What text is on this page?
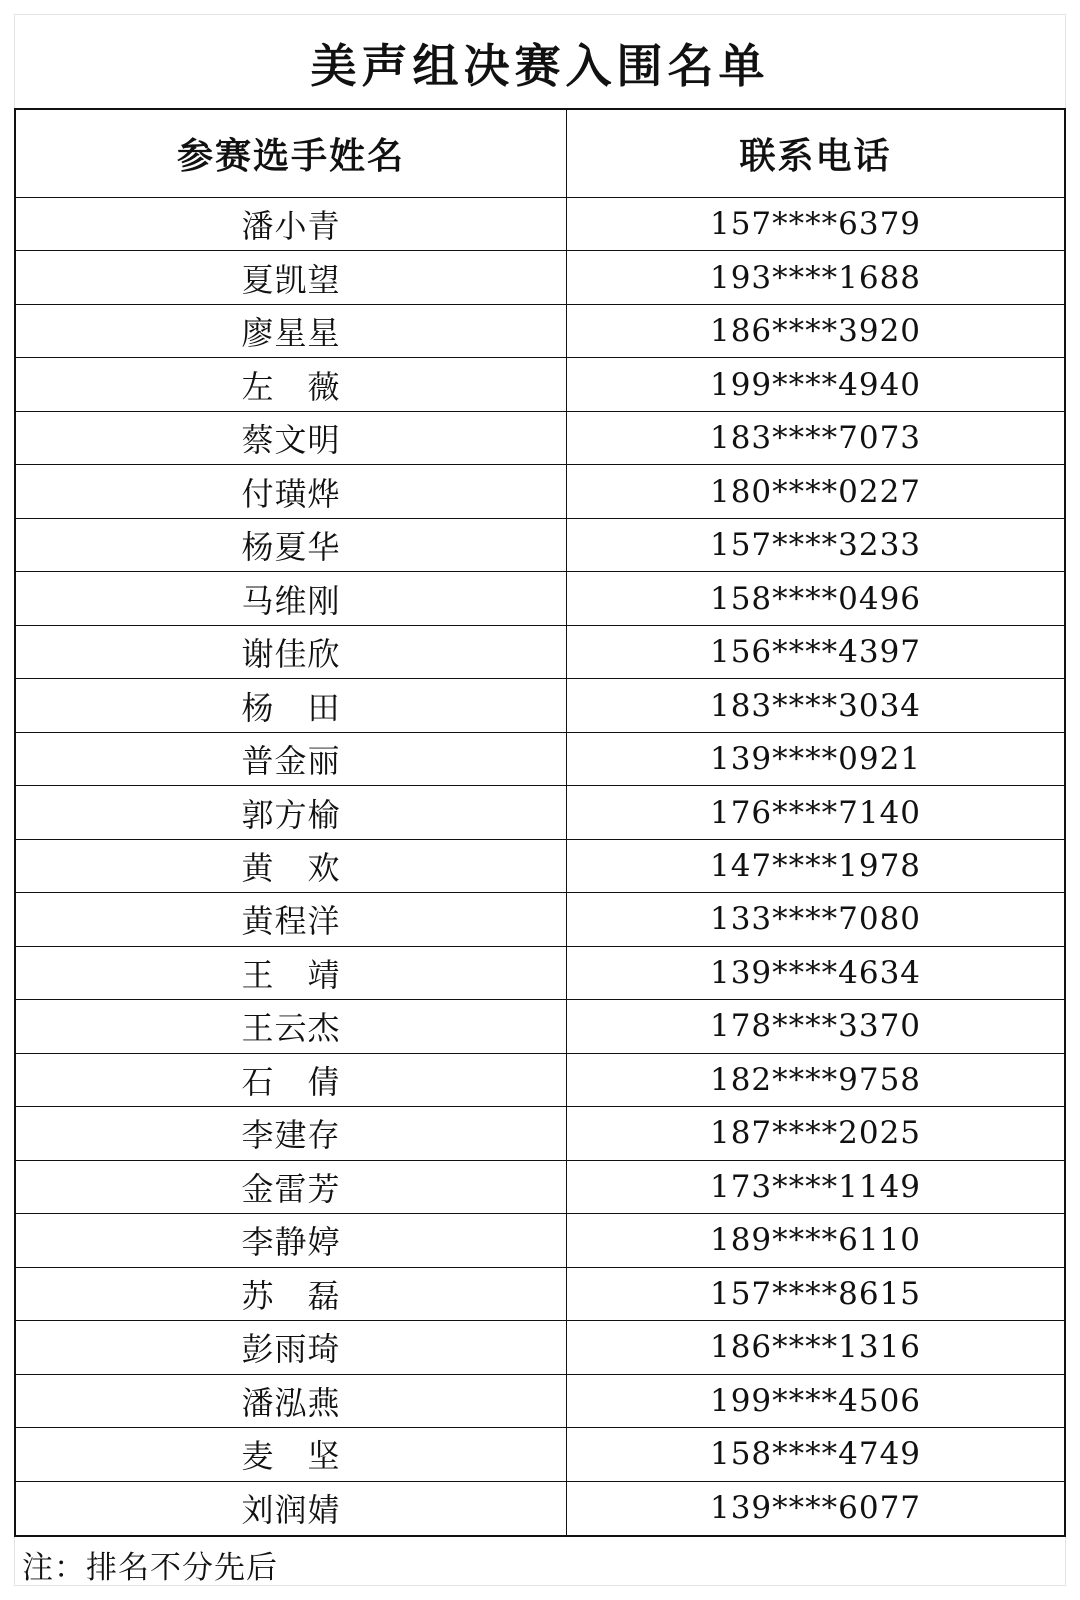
美声组决赛入围名单
参赛选手姓名	联系电话
潘小青	157****6379
夏凯望	193****1688
廖星星	186****3920
左　薇	199****4940
蔡文明	183****7073
付璜烨	180****0227
杨夏华	157****3233
马维刚	158****0496
谢佳欣	156****4397
杨　田	183****3034
普金丽	139****0921
郭方榆	176****7140
黄　欢	147****1978
黄程洋	133****7080
王　靖	139****4634
王云杰	178****3370
石　倩	182****9758
李建存	187****2025
金雷芳	173****1149
李静婷	189****6110
苏　磊	157****8615
彭雨琦	186****1316
潘泓燕	199****4506
麦　坚	158****4749
刘润婧	139****6077
注：排名不分先后
